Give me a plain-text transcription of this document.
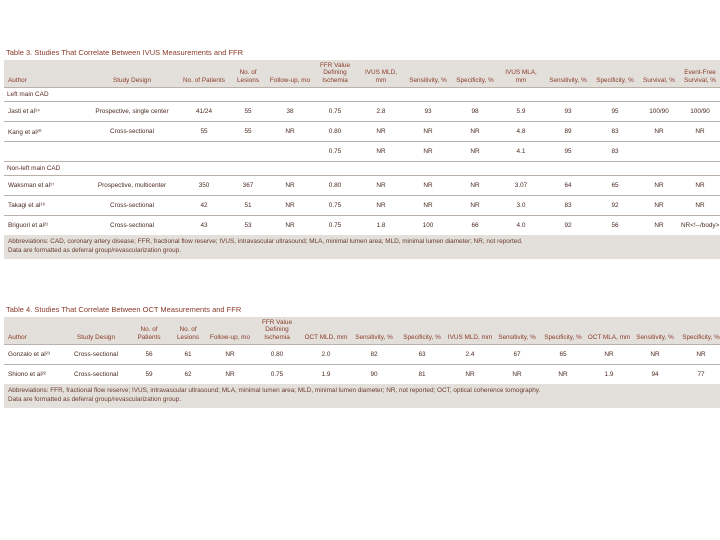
Table 3. Studies That Correlate Between IVUS Measurements and FFR
Author	Study Design	No. of Patients	No. of Lesions	Follow-up, mo	FFR Value Defining Ischemia	IVUS MLD, mm	Sensitivity, %	Specificity, %	IVUS MLA, mm	Sensitivity, %	Specificity, %	Survival, %	Event-Free Survival, %
Left main CAD													
Jasti et al¹⁴	Prospective, single center	41/24	55	38	0.75	2.8	93	98	5.9	93	95	100/90	100/90
Kang et al²⁰	Cross-sectional	55	55	NR	0.80	NR	NR	NR	4.8	89	83	NR	NR
					0.75	NR	NR	NR	4.1	95	83		
Non-left main CAD													
Waksman et al¹⁷	Prospective, multicenter	350	367	NR	0.80	NR	NR	NR	3.07	64	65	NR	NR
Takagi et al¹⁶	Cross-sectional	42	51	NR	0.75	NR	NR	NR	3.0	83	92	NR	NR
Briguori et al²¹	Cross-sectional	43	53	NR	0.75	1.8	100	66	4.0	92	56	NR	NR<!--/body>
Abbreviations: CAD, coronary artery disease; FFR, fractional flow reserve; IVUS, intravascular ultrasound; MLA, minimal lumen area; MLD, minimal lumen diameter; NR, not reported.
Data are formatted as deferral group/revascularization group.
Table 4. Studies That Correlate Between OCT Measurements and FFR
Author	Study Design	No. of Patients	No. of Lesions	Follow-up, mo	FFR Value Defining Ischemia	OCT MLD, mm	Sensitivity, %	Specificity, %	IVUS MLD, mm	Sensitivity, %	Specificity, %	OCT MLA, mm	Sensitivity, %	Specificity, %
Gonzalo et al²³	Cross-sectional	56	61	NR	0.80	2.0	82	63	2.4	67	65	NR	NR	NR
Shiono et al²²	Cross-sectional	59	62	NR	0.75	1.9	90	81	NR	NR	NR	1.9	94	77
Abbreviations: FFR, fractional flow reserve; IVUS, intravascular ultrasound; MLA, minimal lumen area; MLD, minimal lumen diameter; NR, not reported; OCT, optical coherence tomography.
Data are formatted as deferral group/revascularization group.
